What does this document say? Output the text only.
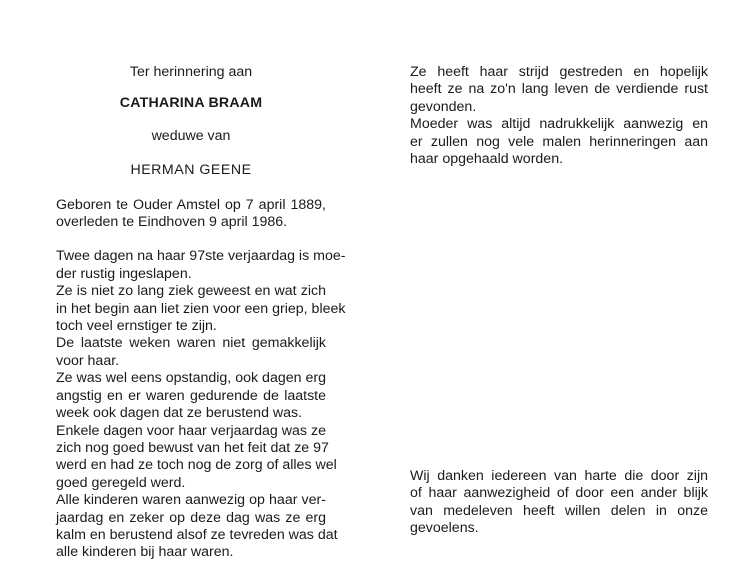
Ter herinnering aan
CATHARINA BRAAM
weduwe van
HERMAN GEENE
Geboren te Ouder Amstel op 7 april 1889,
overleden te Eindhoven 9 april 1986.
Twee dagen na haar 97ste verjaardag is moe-
der rustig ingeslapen.
Ze is niet zo lang ziek geweest en wat zich
in het begin aan liet zien voor een griep, bleek
toch veel ernstiger te zijn.
De laatste weken waren niet gemakkelijk
voor haar.
Ze was wel eens opstandig, ook dagen erg
angstig en er waren gedurende de laatste
week ook dagen dat ze berustend was.
Enkele dagen voor haar verjaardag was ze
zich nog goed bewust van het feit dat ze 97
werd en had ze toch nog de zorg of alles wel
goed geregeld werd.
Alle kinderen waren aanwezig op haar ver-
jaardag en zeker op deze dag was ze erg
kalm en berustend alsof ze tevreden was dat
alle kinderen bij haar waren.
Ze heeft haar strijd gestreden en hopelijk
heeft ze na zo'n lang leven de verdiende rust
gevonden.
Moeder was altijd nadrukkelijk aanwezig en
er zullen nog vele malen herinneringen aan
haar opgehaald worden.
Wij danken iedereen van harte die door zijn
of haar aanwezigheid of door een ander blijk
van medeleven heeft willen delen in onze
gevoelens.
